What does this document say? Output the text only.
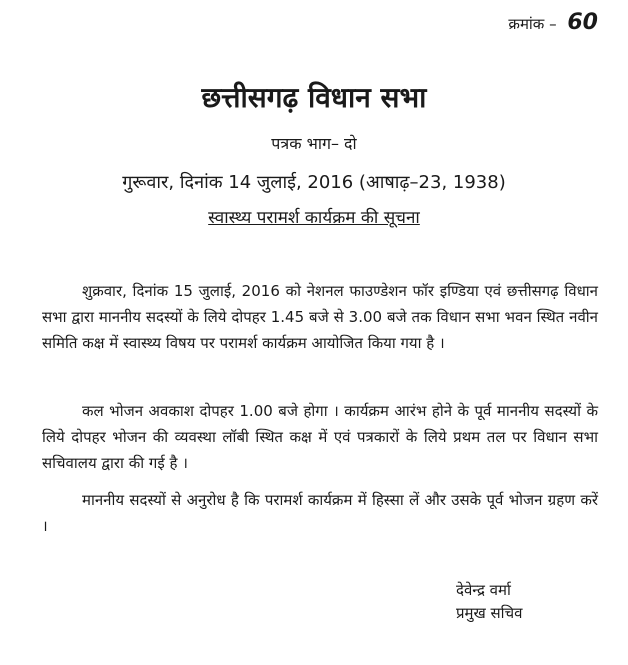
क्रमांक – 60
छत्तीसगढ़ विधान सभा
पत्रक भाग– दो
गुरूवार, दिनांक 14 जुलाई, 2016 (आषाढ़–23, 1938)
स्वास्थ्य परामर्श कार्यक्रम की सूचना

शुक्रवार, दिनांक 15 जुलाई, 2016 को नेशनल फाउण्डेशन फॉर इण्डिया एवं छत्तीसगढ़ विधान सभा द्वारा माननीय सदस्यों के लिये दोपहर 1.45 बजे से 3.00 बजे तक विधान सभा भवन स्थित नवीन समिति कक्ष में स्वास्थ्य विषय पर परामर्श कार्यक्रम आयोजित किया गया है ।

कल भोजन अवकाश दोपहर 1.00 बजे होगा । कार्यक्रम आरंभ होने के पूर्व माननीय सदस्यों के लिये दोपहर भोजन की व्यवस्था लॉबी स्थित कक्ष में एवं पत्रकारों के लिये प्रथम तल पर विधान सभा सचिवालय द्वारा की गई है ।

माननीय सदस्यों से अनुरोध है कि परामर्श कार्यक्रम में हिस्सा लें और उसके पूर्व भोजन ग्रहण करें ।

देवेन्द्र वर्मा
प्रमुख सचिव
